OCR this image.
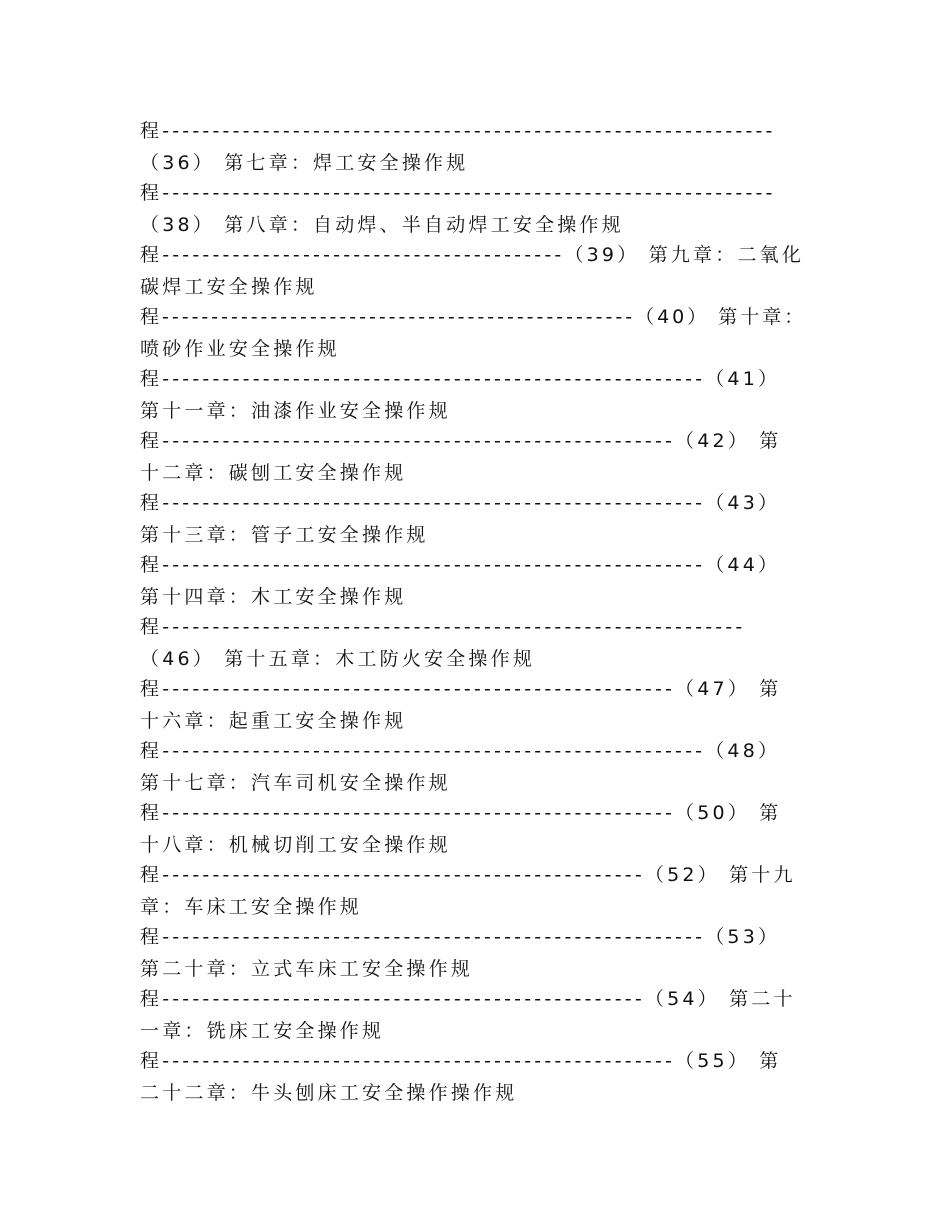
程-------------------------------------------------------------
（36） 第七章：焊工安全操作规
程-------------------------------------------------------------
（38） 第八章：自动焊、半自动焊工安全操作规
程----------------------------------------（39） 第九章：二氧化
碳焊工安全操作规
程------------------------------------------------（40） 第十章：
喷砂作业安全操作规
程------------------------------------------------------（41）
第十一章：油漆作业安全操作规
程---------------------------------------------------（42） 第
十二章：碳刨工安全操作规
程------------------------------------------------------（43）
第十三章：管子工安全操作规
程------------------------------------------------------（44）
第十四章：木工安全操作规
程----------------------------------------------------------
（46） 第十五章：木工防火安全操作规
程---------------------------------------------------（47） 第
十六章：起重工安全操作规
程------------------------------------------------------（48）
第十七章：汽车司机安全操作规
程---------------------------------------------------（50） 第
十八章：机械切削工安全操作规
程------------------------------------------------（52） 第十九
章：车床工安全操作规
程------------------------------------------------------（53）
第二十章：立式车床工安全操作规
程------------------------------------------------（54） 第二十
一章：铣床工安全操作规
程---------------------------------------------------（55） 第
二十二章：牛头刨床工安全操作操作规
